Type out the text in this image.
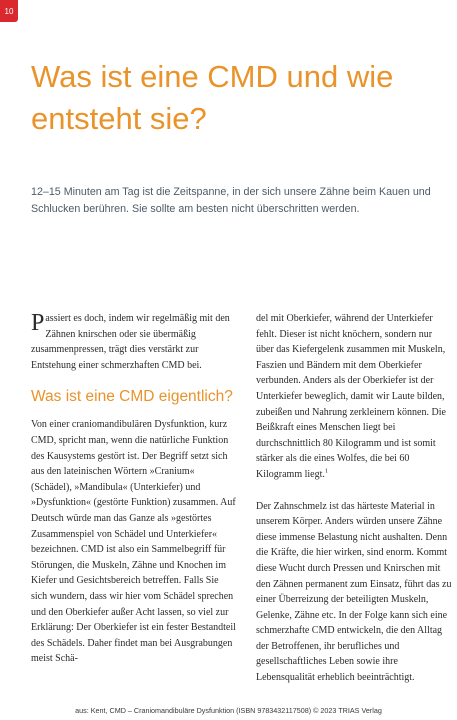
10
Was ist eine CMD und wie entsteht sie?

12–15 Minuten am Tag ist die Zeitspanne, in der sich unsere Zähne beim Kauen und Schlucken berühren. Sie sollte am besten nicht überschritten werden.

Passiert es doch, indem wir regelmäßig mit den Zähnen knirschen oder sie übermäßig zusammenpressen, trägt dies verstärkt zur Entstehung einer schmerzhaften CMD bei.

Was ist eine CMD eigentlich?

Von einer craniomandibulären Dysfunktion, kurz CMD, spricht man, wenn die natürliche Funktion des Kausystems gestört ist. Der Begriff setzt sich aus den lateinischen Wörtern »Cranium« (Schädel), »Mandibula« (Unterkiefer) und »Dysfunktion« (gestörte Funktion) zusammen. Auf Deutsch würde man das Ganze als »gestörtes Zusammenspiel von Schädel und Unterkiefer« bezeichnen. CMD ist also ein Sammelbegriff für Störungen, die Muskeln, Zähne und Knochen im Kiefer und Gesichtsbereich betreffen. Falls Sie sich wundern, dass wir hier vom Schädel sprechen und den Oberkiefer außer Acht lassen, so viel zur Erklärung: Der Oberkiefer ist ein fester Bestandteil des Schädels. Daher findet man bei Ausgrabungen meist Schä-

del mit Oberkiefer, während der Unterkiefer fehlt. Dieser ist nicht knöchern, sondern nur über das Kiefergelenk zusammen mit Muskeln, Faszien und Bändern mit dem Oberkiefer verbunden. Anders als der Oberkiefer ist der Unterkiefer beweglich, damit wir Laute bilden, zubeißen und Nahrung zerkleinern können. Die Beißkraft eines Menschen liegt bei durchschnittlich 80 Kilogramm und ist somit stärker als die eines Wolfes, die bei 60 Kilogramm liegt.$^1$

Der Zahnschmelz ist das härteste Material in unserem Körper. Anders würden unsere Zähne diese immense Belastung nicht aushalten. Denn die Kräfte, die hier wirken, sind enorm. Kommt diese Wucht durch Pressen und Knirschen mit den Zähnen permanent zum Einsatz, führt das zu einer Überreizung der beteiligten Muskeln, Gelenke, Zähne etc. In der Folge kann sich eine schmerzhafte CMD entwickeln, die den Alltag der Betroffenen, ihr berufliches und gesellschaftliches Leben sowie ihre Lebensqualität erheblich beeinträchtigt.

aus: Kent, CMD – Craniomandibuläre Dysfunktion (ISBN 9783432117508) © 2023 TRIAS Verlag
